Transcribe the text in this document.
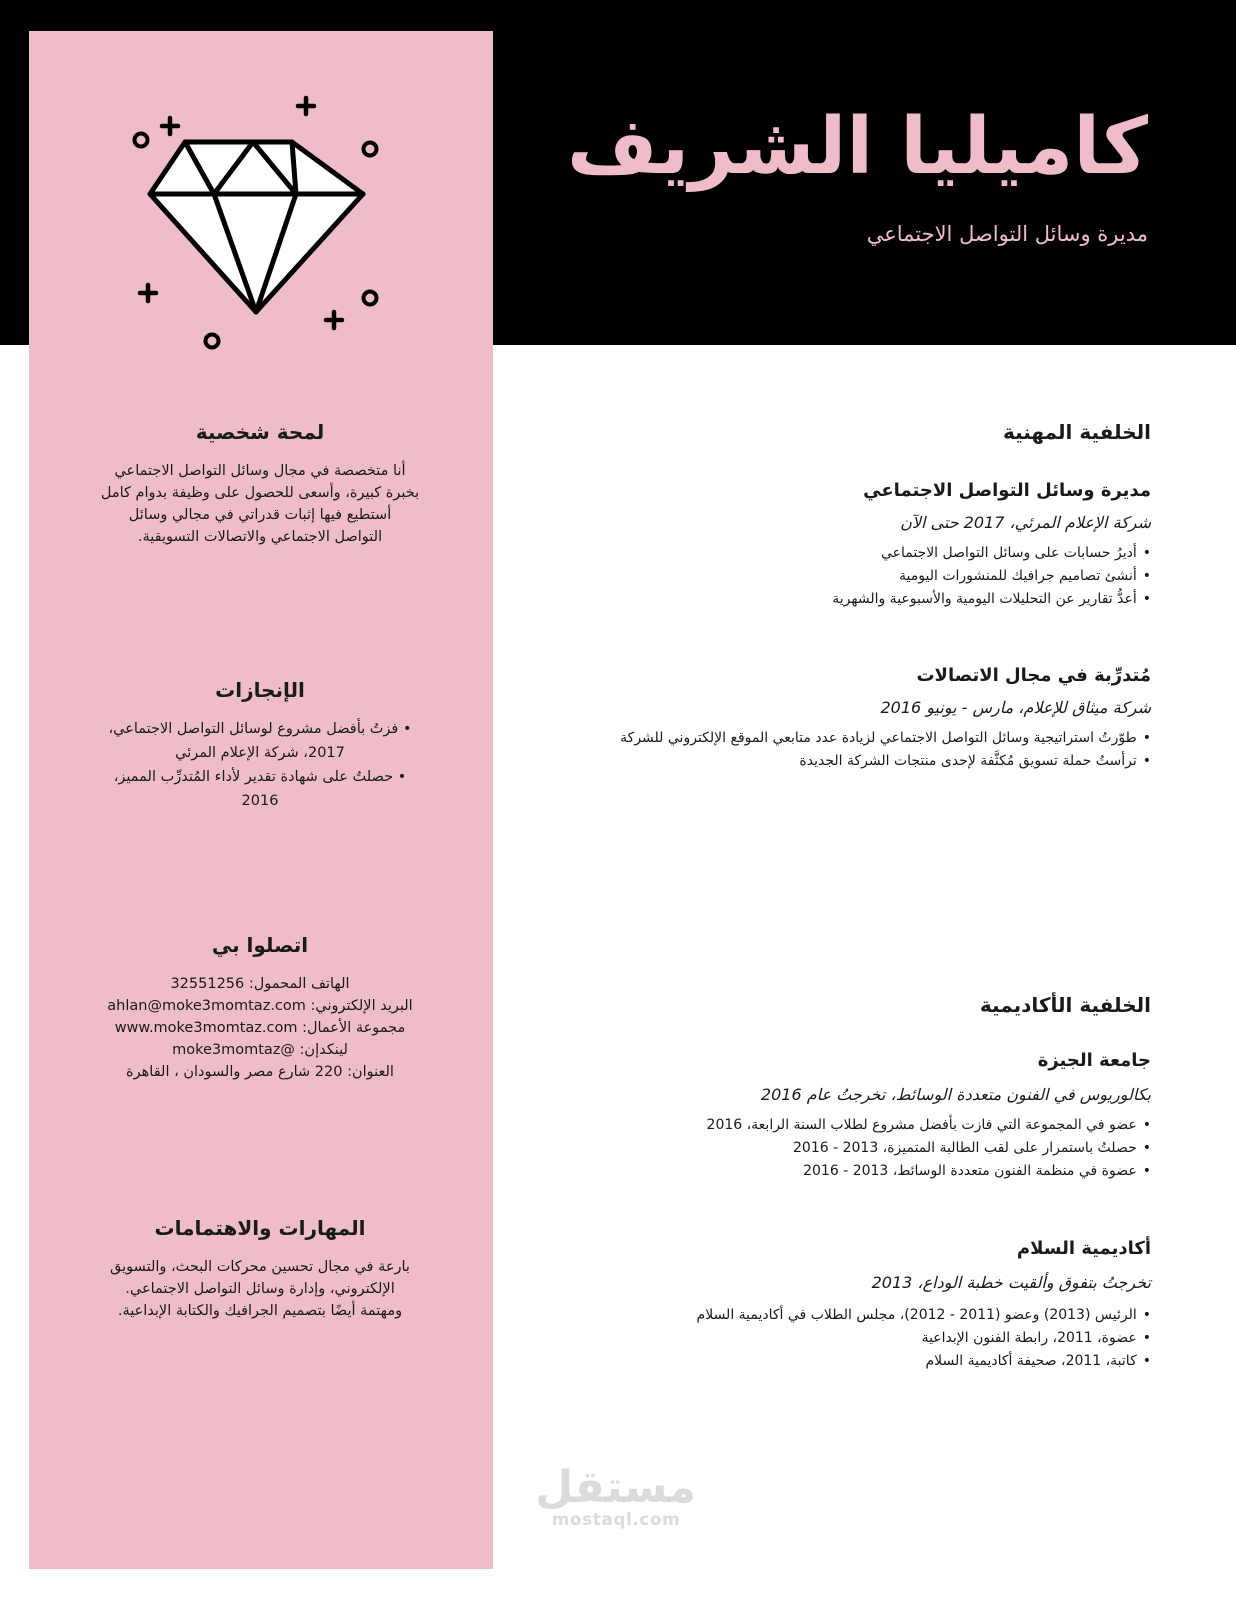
كاميليا الشريف
مديرة وسائل التواصل الاجتماعي
لمحة شخصية

أنا متخصصة في مجال وسائل التواصل الاجتماعي

بخبرة كبيرة، وأسعى للحصول على وظيفة بدوام كامل

أستطيع فيها إثبات قدراتي في مجالي وسائل

التواصل الاجتماعي والاتصالات التسويقية.

الإنجازات
• فزتُ بأفضل مشروع لوسائل التواصل الاجتماعي،
2017، شركة الإعلام المرئي
• حصلتُ على شهادة تقدير لأداء المُتدرِّب المميز،
2016
اتصلوا بي

الهاتف المحمول: 32551256

البريد الإلكتروني: ahlan@moke3momtaz.com

مجموعة الأعمال: www.moke3momtaz.com

لينكدإن: @moke3momtaz

العنوان: 220 شارع مصر والسودان ، القاهرة

المهارات والاهتمامات

بارعة في مجال تحسين محركات البحث، والتسويق

الإلكتروني، وإدارة وسائل التواصل الاجتماعي.

ومهتمة أيضًا بتصميم الجرافيك والكتابة الإبداعية.

الخلفية المهنية

مديرة وسائل التواصل الاجتماعي

شركة الإعلام المرئي، 2017 حتى الآن

• أديرُ حسابات على وسائل التواصل الاجتماعي
• أنشئ تصاميم جرافيك للمنشورات اليومية
• أعدُّ تقارير عن التحليلات اليومية والأسبوعية والشهرية

مُتدرِّبة في مجال الاتصالات

شركة ميثاق للإعلام، مارس - يونيو 2016

• طوّرتُ استراتيجية وسائل التواصل الاجتماعي لزيادة عدد متابعي الموقع الإلكتروني للشركة
• ترأستُ حملة تسويق مُكثَّفة لإحدى منتجات الشركة الجديدة
الخلفية الأكاديمية

جامعة الجيزة

بكالوريوس في الفنون متعددة الوسائط، تخرجتُ عام 2016

• عضو في المجموعة التي فازت بأفضل مشروع لطلاب السنة الرابعة، 2016
• حصلتُ باستمرار على لقب الطالبة المتميزة، 2013 - 2016
• عضوة في منظمة الفنون متعددة الوسائط، 2013 - 2016

أكاديمية السلام

تخرجتُ بتفوق وألقيت خطبة الوداع، 2013

• الرئيس (2013) وعضو (2011 - 2012)، مجلس الطلاب في أكاديمية السلام
• عضوة، 2011، رابطة الفنون الإبداعية
• كاتبة، 2011، صحيفة أكاديمية السلام
مستقل
mostaql.com
